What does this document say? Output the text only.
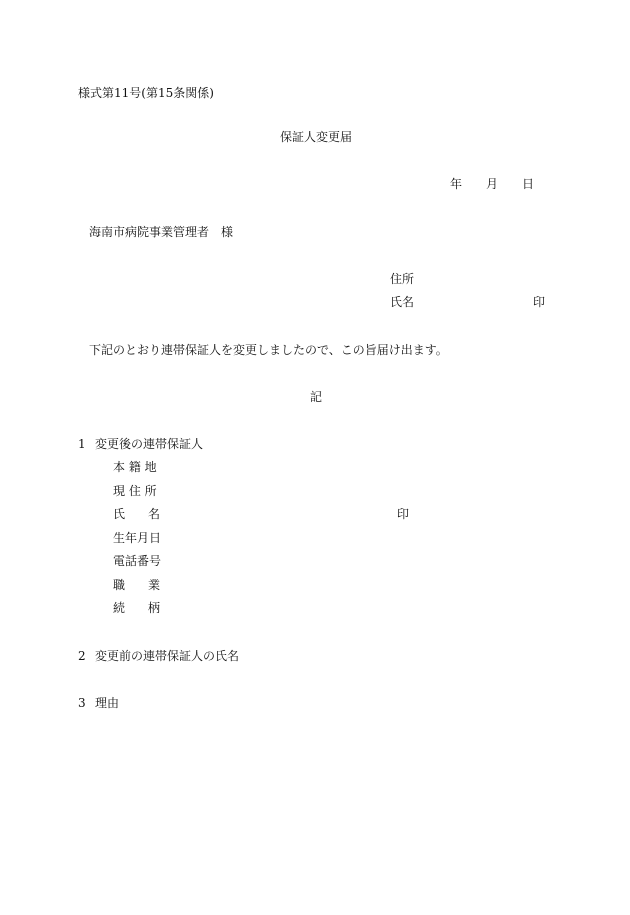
様式第11号(第15条関係)
保証人変更届
年 月 日
海南市病院事業管理者　様
住所
氏名	印
下記のとおり連帯保証人を変更しましたので、この旨届け出ます。
記
1 変更後の連帯保証人
本 籍 地
現 住 所
氏 名	印
生年月日
電話番号
職 業
続 柄
2 変更前の連帯保証人の氏名
3 理由
